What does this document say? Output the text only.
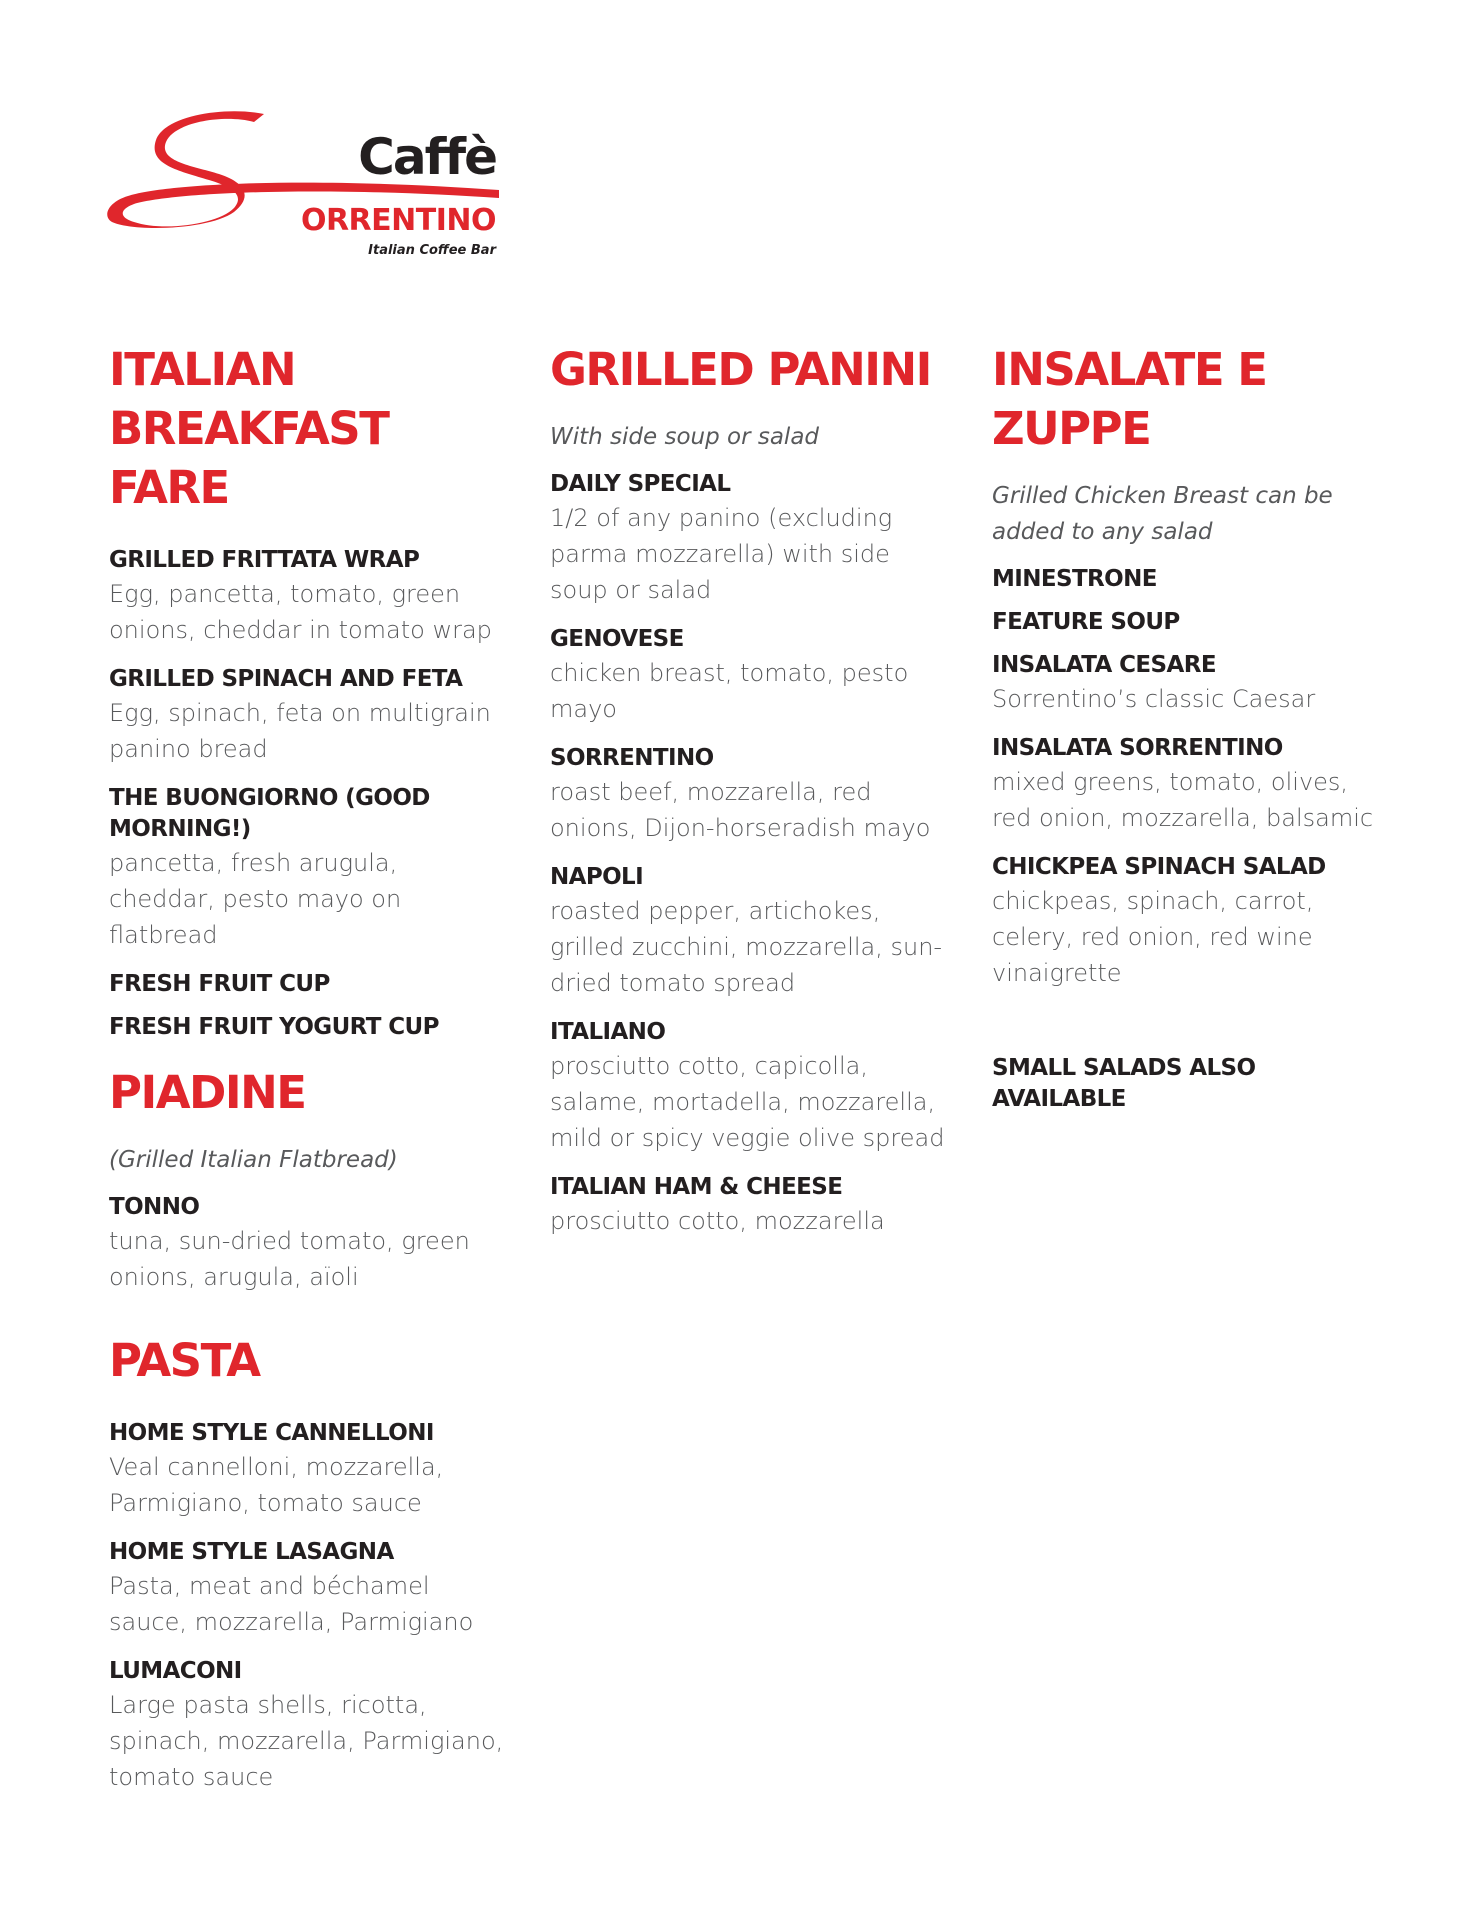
Caffè
ORRENTINO
Italian Coffee Bar
ITALIAN BREAKFAST FARE
GRILLED FRITTATA WRAP
Egg, pancetta, tomato, green onions, cheddar in tomato wrap
GRILLED SPINACH AND FETA
Egg, spinach, feta on multigrain panino bread
THE BUONGIORNO (GOOD MORNING!)
pancetta, fresh arugula, cheddar, pesto mayo on flatbread
FRESH FRUIT CUP
FRESH FRUIT YOGURT CUP
PIADINE
(Grilled Italian Flatbread)
TONNO
tuna, sun-dried tomato, green onions, arugula, aïoli
PASTA
HOME STYLE CANNELLONI
Veal cannelloni, mozzarella, Parmigiano, tomato sauce
HOME STYLE LASAGNA
Pasta, meat and béchamel sauce, mozzarella, Parmigiano
LUMACONI
Large pasta shells, ricotta, spinach, mozzarella, Parmigiano, tomato sauce
GRILLED PANINI
With side soup or salad
DAILY SPECIAL
1/2 of any panino (excluding parma mozzarella) with side soup or salad
GENOVESE
chicken breast, tomato, pesto mayo
SORRENTINO
roast beef, mozzarella, red onions, Dijon-horseradish mayo
NAPOLI
roasted pepper, artichokes, grilled zucchini, mozzarella, sun-dried tomato spread
ITALIANO
prosciutto cotto, capicolla, salame, mortadella, mozzarella, mild or spicy veggie olive spread
ITALIAN HAM & CHEESE
prosciutto cotto, mozzarella
INSALATE E ZUPPE
Grilled Chicken Breast can be added to any salad
MINESTRONE
FEATURE SOUP
INSALATA CESARE
Sorrentino’s classic Caesar
INSALATA SORRENTINO
mixed greens, tomato, olives, red onion, mozzarella, balsamic
CHICKPEA SPINACH SALAD
chickpeas, spinach, carrot, celery, red onion, red wine vinaigrette
SMALL SALADS ALSO AVAILABLE
